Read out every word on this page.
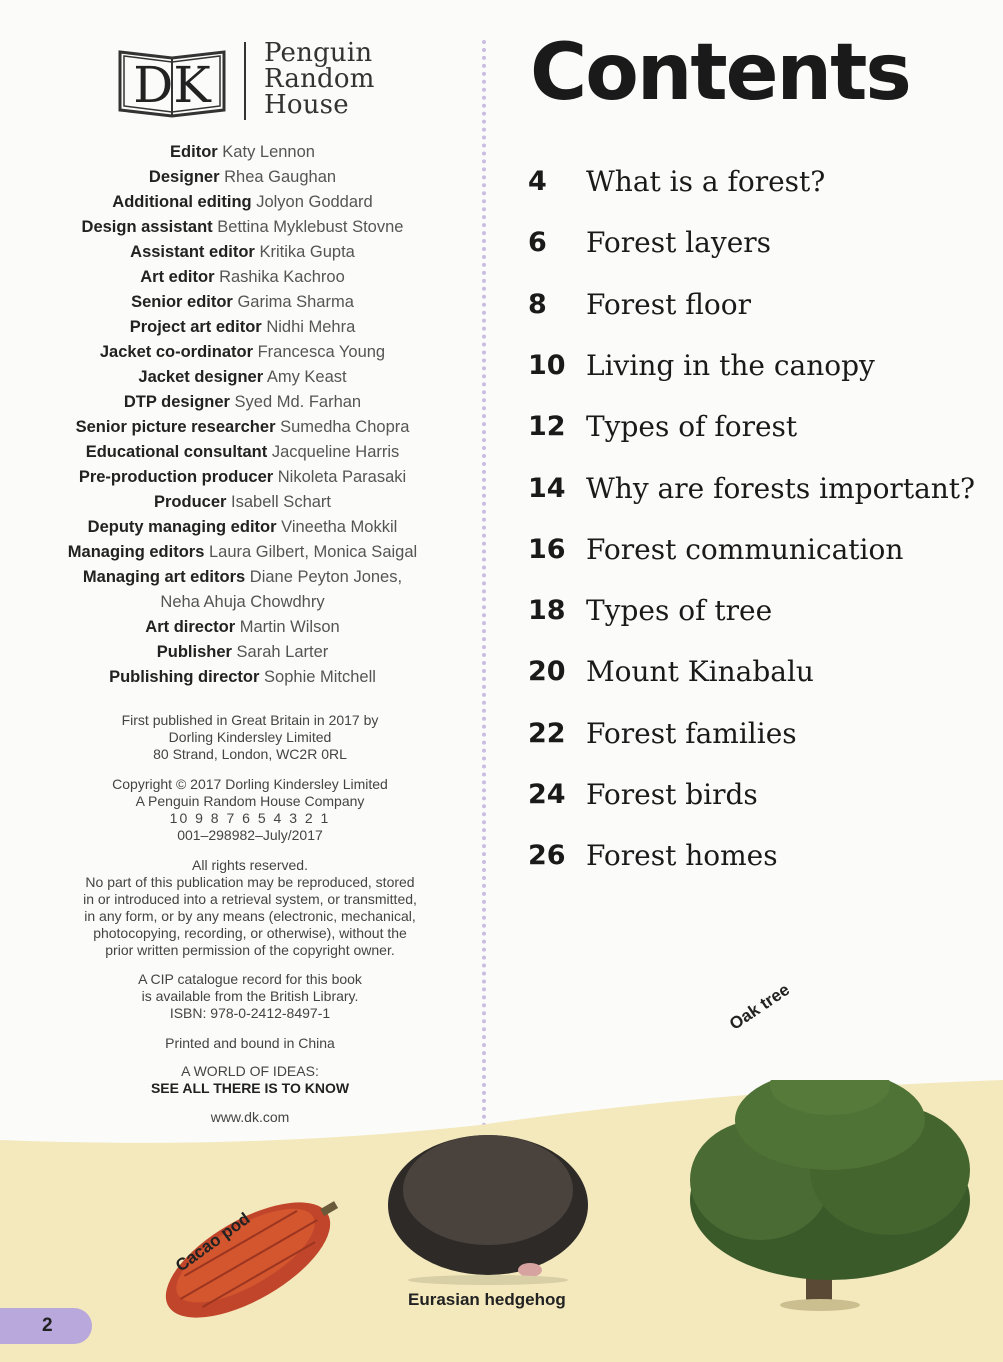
DK
Penguin
Random
House
Editor Katy Lennon
Designer Rhea Gaughan
Additional editing Jolyon Goddard
Design assistant Bettina Myklebust Stovne
Assistant editor Kritika Gupta
Art editor Rashika Kachroo
Senior editor Garima Sharma
Project art editor Nidhi Mehra
Jacket co-ordinator Francesca Young
Jacket designer Amy Keast
DTP designer Syed Md. Farhan
Senior picture researcher Sumedha Chopra
Educational consultant Jacqueline Harris
Pre-production producer Nikoleta Parasaki
Producer Isabell Schart
Deputy managing editor Vineetha Mokkil
Managing editors Laura Gilbert, Monica Saigal
Managing art editors Diane Peyton Jones,
Neha Ahuja Chowdhry
Art director Martin Wilson
Publisher Sarah Larter
Publishing director Sophie Mitchell
First published in Great Britain in 2017 by
Dorling Kindersley Limited
80 Strand, London, WC2R 0RL
Copyright © 2017 Dorling Kindersley Limited
A Penguin Random House Company
10 9 8 7 6 5 4 3 2 1
001–298982–July/2017
All rights reserved.
No part of this publication may be reproduced, stored
in or introduced into a retrieval system, or transmitted,
in any form, or by any means (electronic, mechanical,
photocopying, recording, or otherwise), without the
prior written permission of the copyright owner.
A CIP catalogue record for this book
is available from the British Library.
ISBN: 978-0-2412-8497-1
Printed and bound in China
A WORLD OF IDEAS:
SEE ALL THERE IS TO KNOW
www.dk.com
Contents
4 What is a forest?
6 Forest layers
8 Forest floor
10 Living in the canopy
12 Types of forest
14 Why are forests important?
16 Forest communication
18 Types of tree
20 Mount Kinabalu
22 Forest families
24 Forest birds
26 Forest homes
Oak tree
Cacao pod
Eurasian hedgehog
2
